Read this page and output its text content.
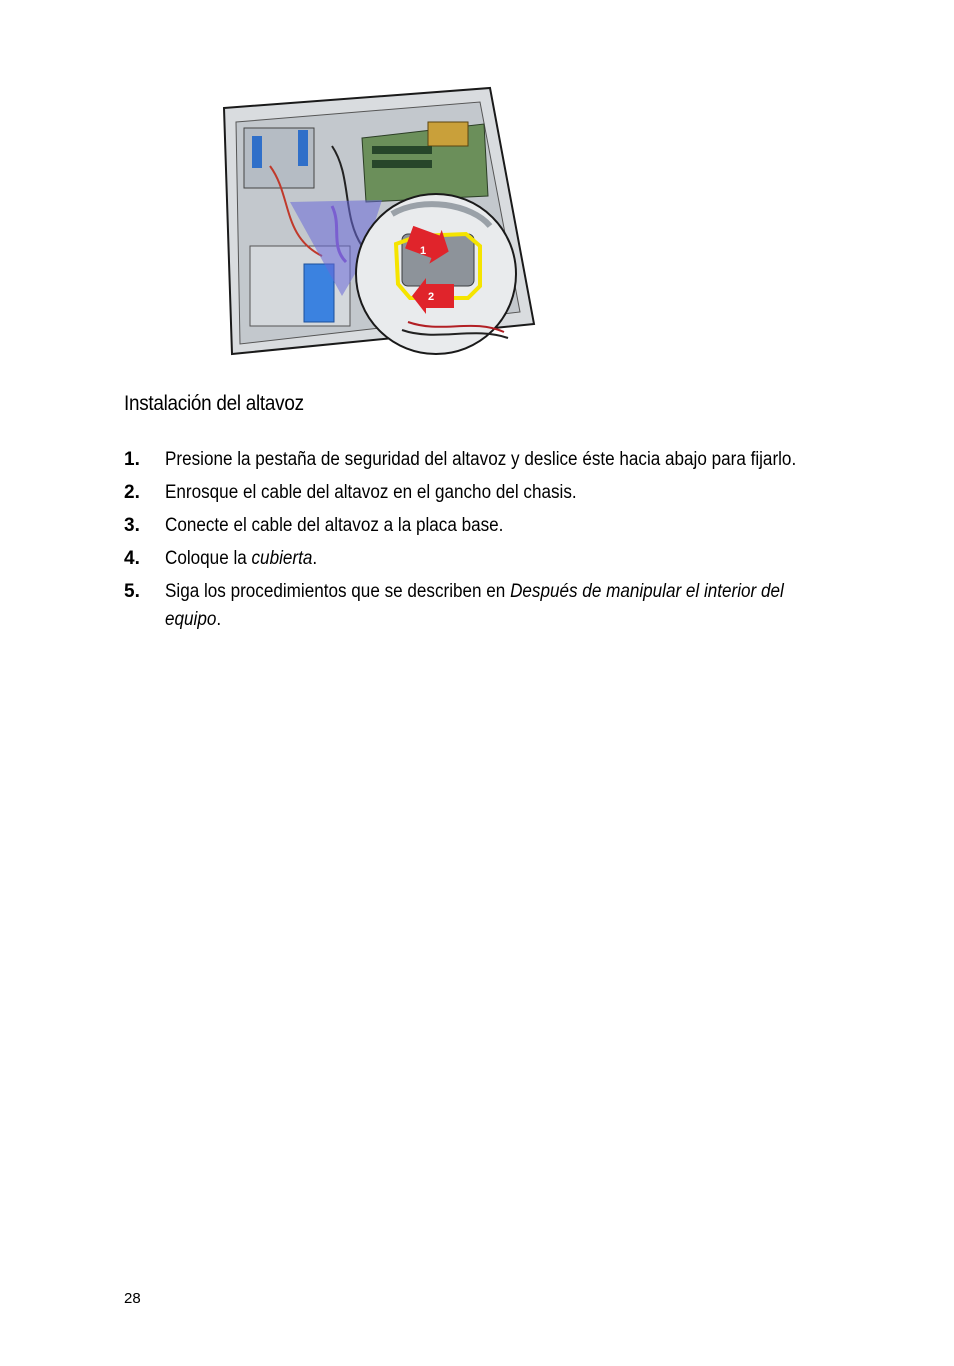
1
2
Instalación del altavoz
1. Presione la pestaña de seguridad del altavoz y deslice éste hacia abajo para fijarlo.
2. Enrosque el cable del altavoz en el gancho del chasis.
3. Conecte el cable del altavoz a la placa base.
4. Coloque la cubierta.
5. Siga los procedimientos que se describen en Después de manipular el interior del equipo.
28
